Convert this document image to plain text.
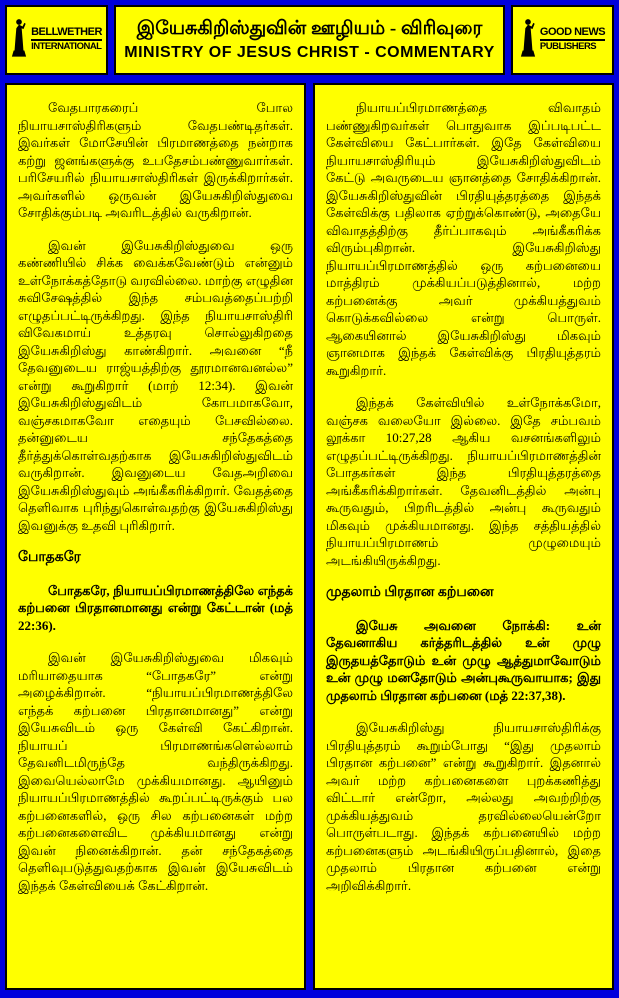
BELLWETHER
INTERNATIONAL
இயேசுகிறிஸ்துவின் ஊழியம் - விரிவுரை
MINISTRY OF JESUS CHRIST - COMMENTARY
GOOD NEWS
PUBLISHERS
வேதபாரகரைப் போல நியாயசாஸ்திரிகளும் வேதபண்டிதர்கள். இவர்கள் மோசேயின் பிரமாணத்தை நன்றாக கற்று ஜனங்களுக்கு உபதேசம்பண்ணுவார்கள். பரிசேயரில் நியாயசாஸ்திரிகள் இருக்கிறார்கள். அவர்களில் ஒருவன் இயேசுகிறிஸ்துவை சோதிக்கும்படி அவரிடத்தில் வருகிறான்.
இவன் இயேசுகிறிஸ்துவை ஒரு கண்ணியில் சிக்க வைக்கவேண்டும் என்னும் உள்நோக்கத்தோடு வரவில்லை. மாற்கு எழுதின சுவிசேஷத்தில் இந்த சம்பவத்தைப்பற்றி எழுதப்பட்டிருக்கிறது. இந்த நியாயசாஸ்திரி விவேகமாய் உத்தரவு சொல்லுகிறதை இயேசுகிறிஸ்து காண்கிறார். அவனை “நீ தேவனுடைய ராஜ்யத்திற்கு தூரமானவனல்ல” என்று கூறுகிறார் (மாற் 12:34). இவன் இயேசுகிறிஸ்துவிடம் கோபமாகவோ, வஞ்சகமாகவோ எதையும் பேசவில்லை. தன்னுடைய சந்தேகத்தை தீர்த்துக்கொள்வதற்காக இயேசுகிறிஸ்துவிடம் வருகிறான். இவனுடைய வேதஅறிவை இயேசுகிறிஸ்துவும் அங்கீகரிக்கிறார். வேதத்தை தெளிவாக புரிந்துகொள்வதற்கு இயேசுகிறிஸ்து இவனுக்கு உதவி புரிகிறார்.
போதகரே
போதகரே, நியாயப்பிரமாணத்திலே எந்தக் கற்பனை பிரதானமானது என்று கேட்டான் (மத் 22:36).
இவன் இயேசுகிறிஸ்துவை மிகவும் மரியாதையாக “போதகரே” என்று அழைக்கிறான். “நியாயப்பிரமாணத்திலே எந்தக் கற்பனை பிரதானமானது” என்று இயேசுவிடம் ஒரு கேள்வி கேட்கிறான். நியாயப் பிரமாணங்களெல்லாம் தேவனிடமிருந்தே வந்திருக்கிறது. இவையெல்லாமே முக்கியமானது. ஆயினும் நியாயப்பிரமாணத்தில் கூறப்பட்டிருக்கும் பல கற்பனைகளில், ஒரு சில கற்பனைகள் மற்ற கற்பனைகளைவிட முக்கியமானது என்று இவன் நினைக்கிறான். தன் சந்தேகத்தை தெளிவுபடுத்துவதற்காக இவன் இயேசுவிடம் இந்தக் கேள்வியைக் கேட்கிறான்.
நியாயப்பிரமாணத்தை விவாதம் பண்ணுகிறவர்கள் பொதுவாக இப்படிபட்ட கேள்வியை கேட்பார்கள். இதே கேள்வியை நியாயசாஸ்திரியும் இயேசுகிறிஸ்துவிடம் கேட்டு அவருடைய ஞானத்தை சோதிக்கிறான். இயேசுகிறிஸ்துவின் பிரதியுத்தரத்தை இந்தக் கேள்விக்கு பதிலாக ஏற்றுக்கொண்டு, அதையே விவாதத்திற்கு தீர்ப்பாகவும் அங்கீகரிக்க விரும்புகிறான். இயேசுகிறிஸ்து நியாயப்பிரமாணத்தில் ஒரு கற்பனையை மாத்திரம் முக்கியப்படுத்தினால், மற்ற கற்பனைக்கு அவர் முக்கியத்துவம் கொடுக்கவில்லை என்று பொருள். ஆகையினால் இயேசுகிறிஸ்து மிகவும் ஞானமாக இந்தக் கேள்விக்கு பிரதியுத்தரம் கூறுகிறார்.
இந்தக் கேள்வியில் உள்நோக்கமோ, வஞ்சக வலையோ இல்லை. இதே சம்பவம் லூக்கா 10:27,28 ஆகிய வசனங்களிலும் எழுதப்பட்டிருக்கிறது. நியாயப்பிரமாணத்தின் போதகர்கள் இந்த பிரதியுத்தரத்தை அங்கீகரிக்கிறார்கள். தேவனிடத்தில் அன்பு கூருவதும், பிறரிடத்தில் அன்பு கூருவதும் மிகவும் முக்கியமானது. இந்த சத்தியத்தில் நியாயப்பிரமாணம் முழுமையும் அடங்கியிருக்கிறது.
முதலாம் பிரதான கற்பனை
இயேசு அவனை நோக்கி: உன் தேவனாகிய கர்த்தரிடத்தில் உன் முழு இருதயத்தோடும் உன் முழு ஆத்துமாவோடும் உன் முழு மனதோடும் அன்புகூருவாயாக; இது முதலாம் பிரதான கற்பனை (மத் 22:37,38).
இயேசுகிறிஸ்து நியாயசாஸ்திரிக்கு பிரதியுத்தரம் கூறும்போது “இது முதலாம் பிரதான கற்பனை” என்று கூறுகிறார். இதனால் அவர் மற்ற கற்பனைகளை புறக்கணித்து விட்டார் என்றோ, அல்லது அவற்றிற்கு முக்கியத்துவம் தரவில்லையென்றோ பொருள்படாது. இந்தக் கற்பனையில் மற்ற கற்பனைகளும் அடங்கியிருப்பதினால், இதை முதலாம் பிரதான கற்பனை என்று அறிவிக்கிறார்.
